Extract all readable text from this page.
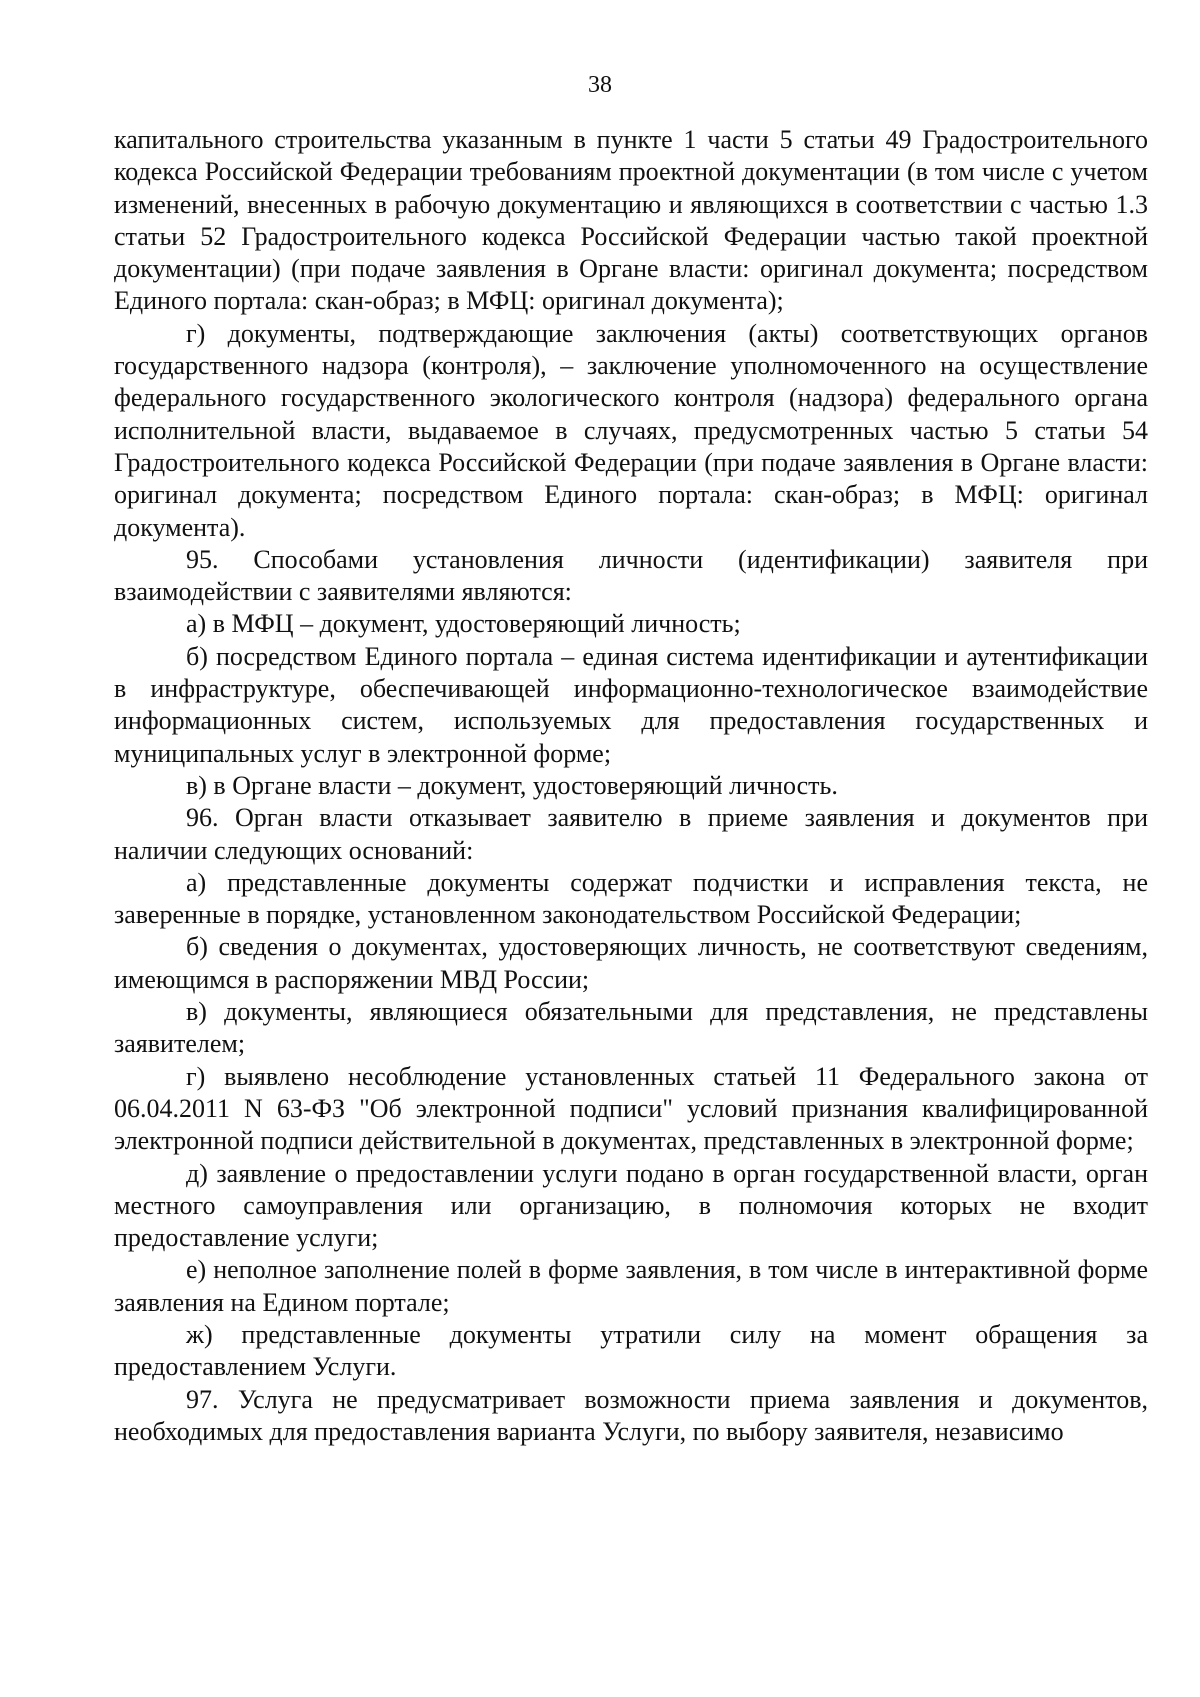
38

капитального строительства указанным в пункте 1 части 5 статьи 49 Градостроительного кодекса Российской Федерации требованиям проектной документации (в том числе с учетом изменений, внесенных в рабочую документацию и являющихся в соответствии с частью 1.3 статьи 52 Градостроительного кодекса Российской Федерации частью такой проектной документации) (при подаче заявления в Органе власти: оригинал документа; посредством Единого портала: скан-образ; в МФЦ: оригинал документа);

г) документы, подтверждающие заключения (акты) соответствующих органов государственного надзора (контроля), – заключение уполномоченного на осуществление федерального государственного экологического контроля (надзора) федерального органа исполнительной власти, выдаваемое в случаях, предусмотренных частью 5 статьи 54 Градостроительного кодекса Российской Федерации (при подаче заявления в Органе власти: оригинал документа; посредством Единого портала: скан-образ; в МФЦ: оригинал документа).

95. Способами установления личности (идентификации) заявителя при взаимодействии с заявителями являются:

а) в МФЦ – документ, удостоверяющий личность;

б) посредством Единого портала – единая система идентификации и аутентификации в инфраструктуре, обеспечивающей информационно-технологическое взаимодействие информационных систем, используемых для предоставления государственных и муниципальных услуг в электронной форме;

в) в Органе власти – документ, удостоверяющий личность.

96. Орган власти отказывает заявителю в приеме заявления и документов при наличии следующих оснований:

а) представленные документы содержат подчистки и исправления текста, не заверенные в порядке, установленном законодательством Российской Федерации;

б) сведения о документах, удостоверяющих личность, не соответствуют сведениям, имеющимся в распоряжении МВД России;

в) документы, являющиеся обязательными для представления, не представлены заявителем;

г) выявлено несоблюдение установленных статьей 11 Федерального закона от 06.04.2011 N 63-ФЗ "Об электронной подписи" условий признания квалифицированной электронной подписи действительной в документах, представленных в электронной форме;

д) заявление о предоставлении услуги подано в орган государственной власти, орган местного самоуправления или организацию, в полномочия которых не входит предоставление услуги;

е) неполное заполнение полей в форме заявления, в том числе в интерактивной форме заявления на Едином портале;

ж) представленные документы утратили силу на момент обращения за предоставлением Услуги.

97. Услуга не предусматривает возможности приема заявления и документов, необходимых для предоставления варианта Услуги, по выбору заявителя, независимо
